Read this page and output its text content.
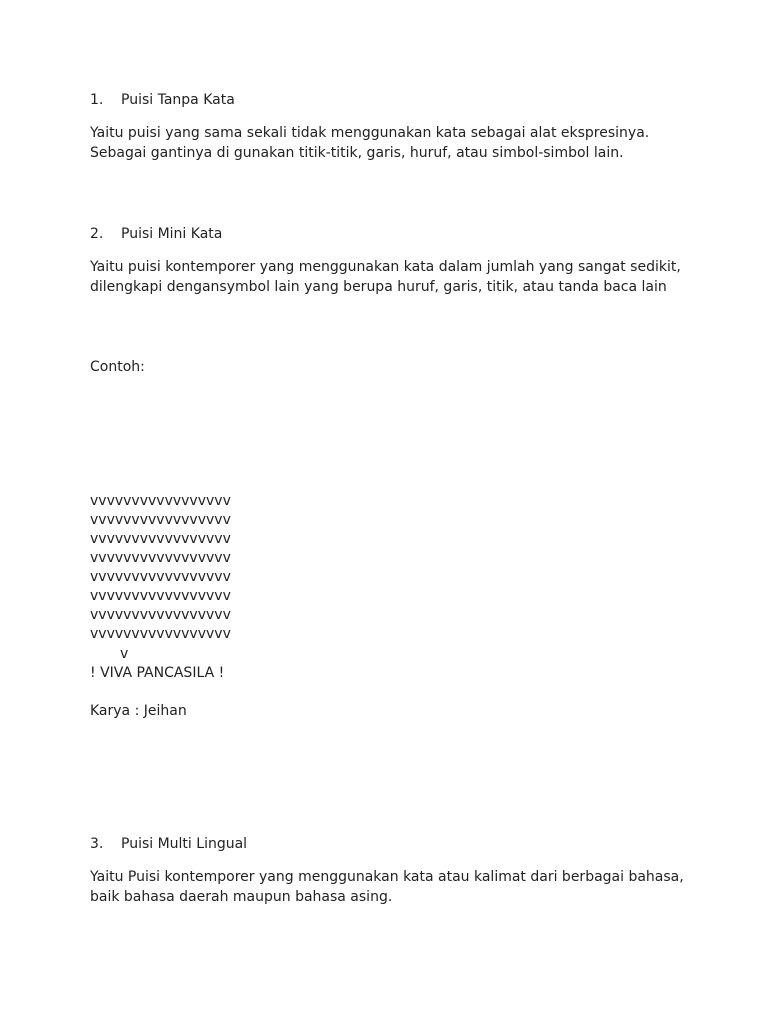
1. Puisi Tanpa Kata
Yaitu puisi yang sama sekali tidak menggunakan kata sebagai alat ekspresinya.
Sebagai gantinya di gunakan titik-titik, garis, huruf, atau simbol-simbol lain.
2. Puisi Mini Kata
Yaitu puisi kontemporer yang menggunakan kata dalam jumlah yang sangat sedikit,
dilengkapi dengansymbol lain yang berupa huruf, garis, titik, atau tanda baca lain
Contoh:
vvvvvvvvvvvvvvvvv
vvvvvvvvvvvvvvvvv
vvvvvvvvvvvvvvvvv
vvvvvvvvvvvvvvvvv
vvvvvvvvvvvvvvvvv
vvvvvvvvvvvvvvvvv
vvvvvvvvvvvvvvvvv
vvvvvvvvvvvvvvvvv
v
! VIVA PANCASILA !
Karya : Jeihan
3. Puisi Multi Lingual
Yaitu Puisi kontemporer yang menggunakan kata atau kalimat dari berbagai bahasa,
baik bahasa daerah maupun bahasa asing.
